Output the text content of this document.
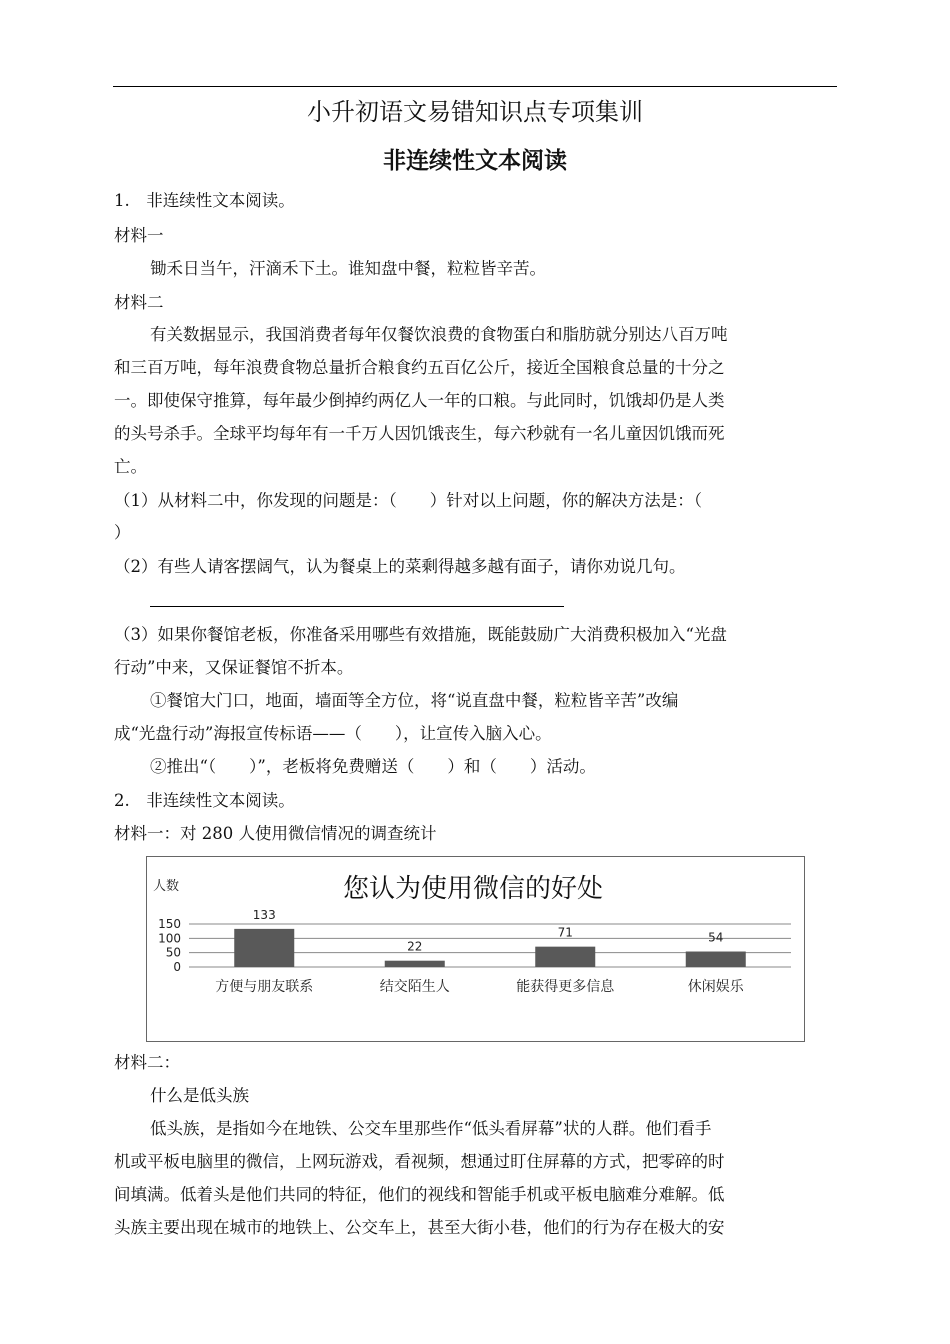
小升初语文易错知识点专项集训
非连续性文本阅读
1.　非连续性文本阅读。
材料一
锄禾日当午，汗滴禾下土。谁知盘中餐，粒粒皆辛苦。
材料二
有关数据显示，我国消费者每年仅餐饮浪费的食物蛋白和脂肪就分别达八百万吨
和三百万吨，每年浪费食物总量折合粮食约五百亿公斤，接近全国粮食总量的十分之
一。即使保守推算，每年最少倒掉约两亿人一年的口粮。与此同时，饥饿却仍是人类
的头号杀手。全球平均每年有一千万人因饥饿丧生，每六秒就有一名儿童因饥饿而死
亡。
（1）从材料二中，你发现的问题是：（　　）针对以上问题，你的解决方法是：（
）
（2）有些人请客摆阔气，认为餐桌上的菜剩得越多越有面子，请你劝说几句。
（3）如果你餐馆老板，你准备采用哪些有效措施，既能鼓励广大消费积极加入“光盘
行动”中来，又保证餐馆不折本。
①餐馆大门口，地面，墙面等全方位，将“说直盘中餐，粒粒皆辛苦”改编
成“光盘行动”海报宣传标语——（　　），让宣传入脑入心。
②推出“（　　）”，老板将免费赠送（　　）和（　　）活动。
2.　非连续性文本阅读。
材料一：对 280 人使用微信情况的调查统计
您认为使用微信的好处
人数
0
50
100
150
133
方便与朋友联系
22
结交陌生人
71
能获得更多信息
54
休闲娱乐
材料二：
什么是低头族
低头族，是指如今在地铁、公交车里那些作“低头看屏幕”状的人群。他们看手
机或平板电脑里的微信，上网玩游戏，看视频，想通过盯住屏幕的方式，把零碎的时
间填满。低着头是他们共同的特征，他们的视线和智能手机或平板电脑难分难解。低
头族主要出现在城市的地铁上、公交车上，甚至大街小巷，他们的行为存在极大的安
